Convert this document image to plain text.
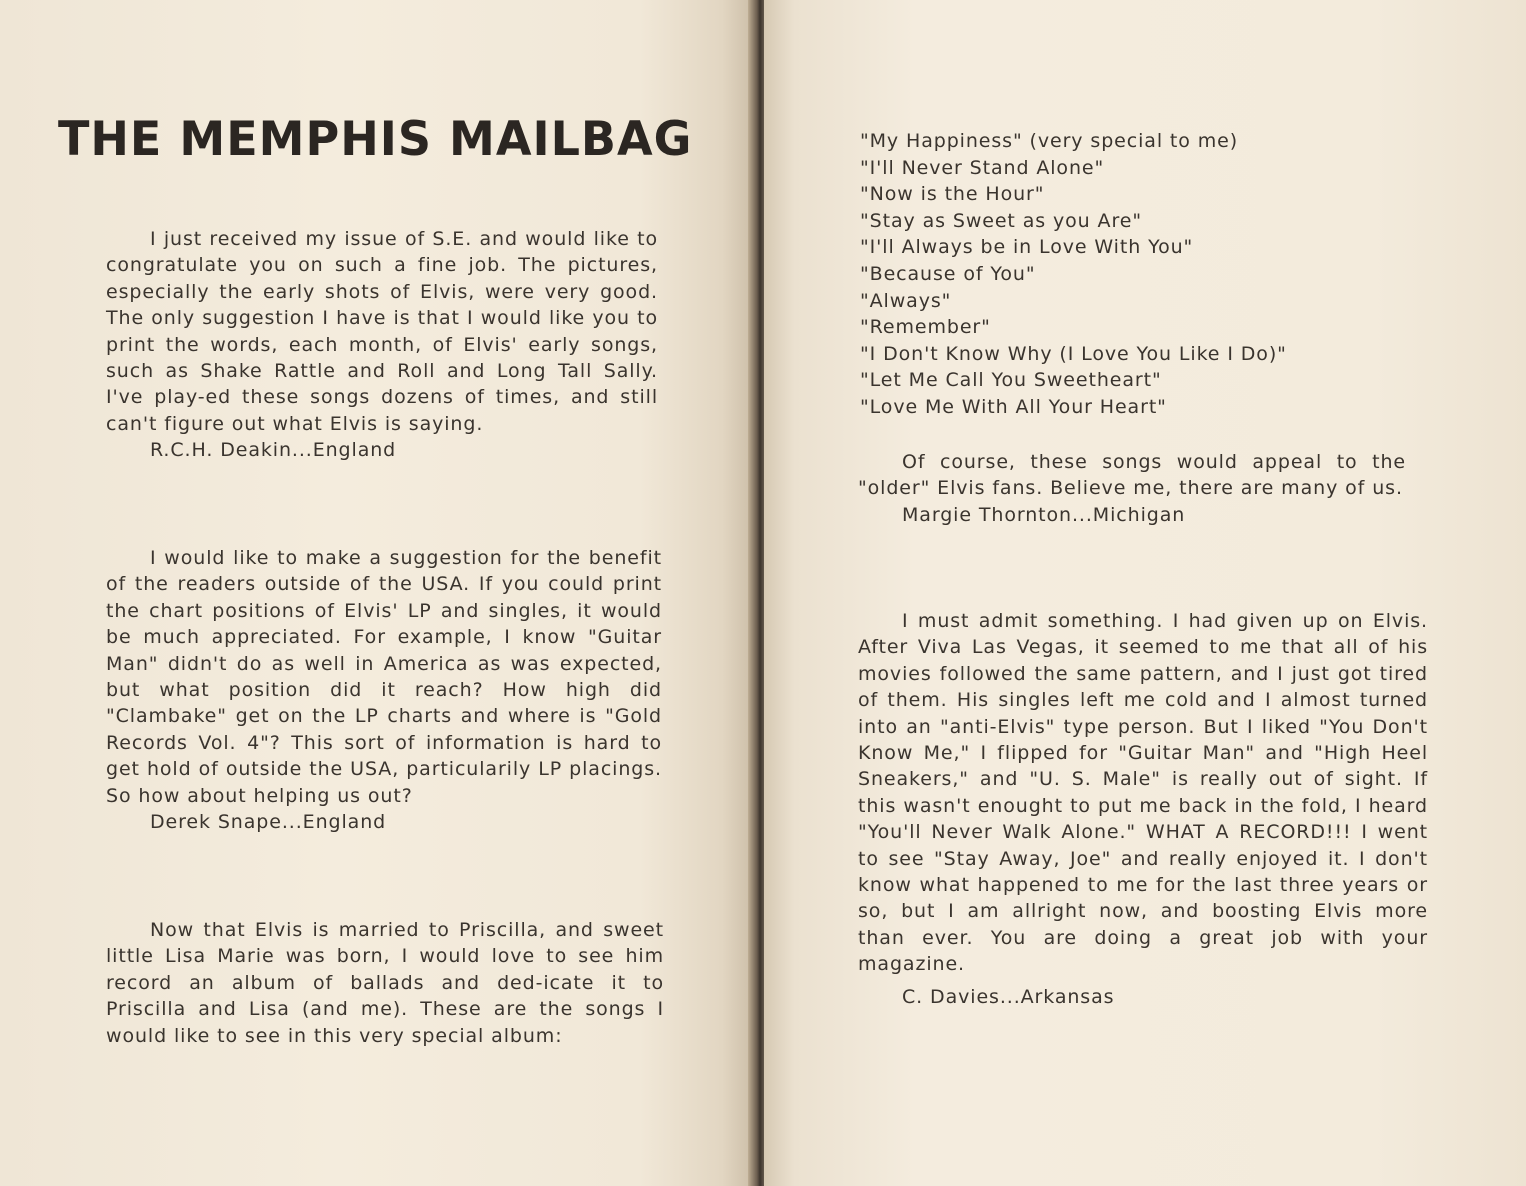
THE MEMPHIS MAILBAG

I just received my issue of S.E. and would like to congratulate you on such a fine job. The pictures, especially the early shots of Elvis, were very good. The only suggestion I have is that I would like you to print the words, each month, of Elvis' early songs, such as Shake Rattle and Roll and Long Tall Sally. I've play-ed these songs dozens of times, and still can't figure out what Elvis is saying.

R.C.H. Deakin...England

I would like to make a suggestion for the benefit of the readers outside of the USA. If you could print the chart positions of Elvis' LP and singles, it would be much appreciated. For example, I know "Guitar Man" didn't do as well in America as was expected, but what position did it reach? How high did "Clambake" get on the LP charts and where is "Gold Records Vol. 4"? This sort of information is hard to get hold of outside the USA, particularily LP placings. So how about helping us out?

Derek Snape...England

Now that Elvis is married to Priscilla, and sweet little Lisa Marie was born, I would love to see him record an album of ballads and ded-icate it to Priscilla and Lisa (and me). These are the songs I would like to see in this very special album:

"My Happiness" (very special to me)
"I'll Never Stand Alone"
"Now is the Hour"
"Stay as Sweet as you Are"
"I'll Always be in Love With You"
"Because of You"
"Always"
"Remember"
"I Don't Know Why (I Love You Like I Do)"
"Let Me Call You Sweetheart"
"Love Me With All Your Heart"

Of course, these songs would appeal to the "older" Elvis fans. Believe me, there are many of us.

Margie Thornton...Michigan

I must admit something. I had given up on Elvis. After Viva Las Vegas, it seemed to me that all of his movies followed the same pattern, and I just got tired of them. His singles left me cold and I almost turned into an "anti-Elvis" type person. But I liked "You Don't Know Me," I flipped for "Guitar Man" and "High Heel Sneakers," and "U. S. Male" is really out of sight. If this wasn't enought to put me back in the fold, I heard "You'll Never Walk Alone." WHAT A RECORD!!! I went to see "Stay Away, Joe" and really enjoyed it. I don't know what happened to me for the last three years or so, but I am allright now, and boosting Elvis more than ever. You are doing a great job with your magazine.

C. Davies...Arkansas
